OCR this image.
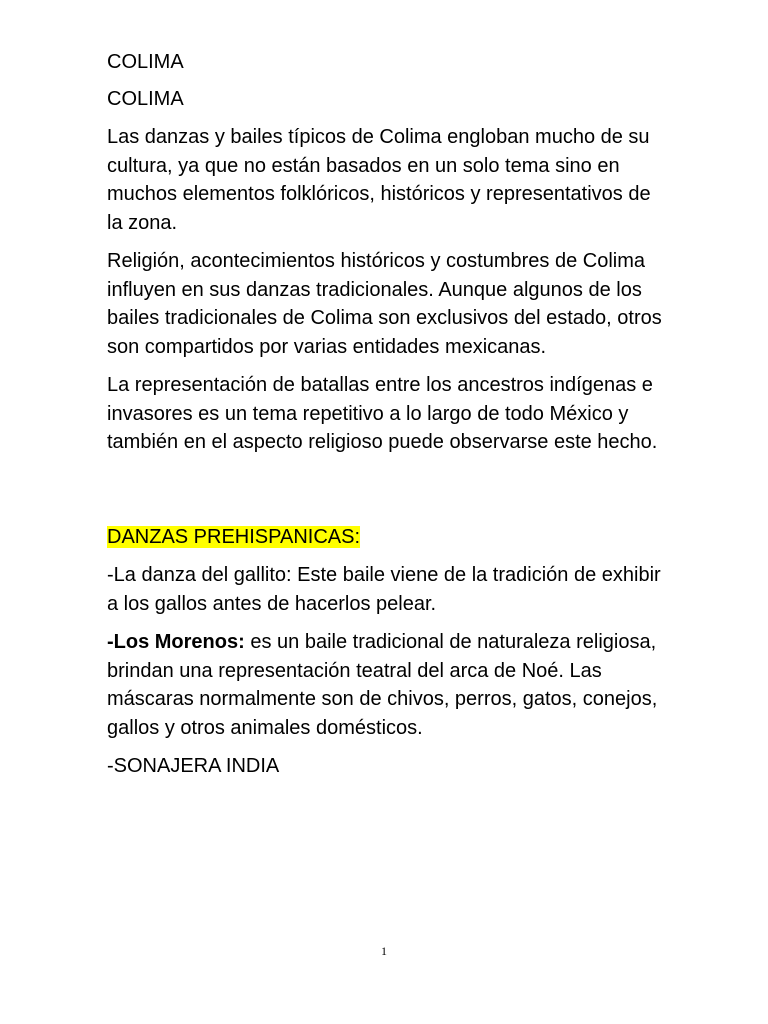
COLIMA

COLIMA

Las danzas y bailes típicos de Colima engloban mucho de su cultura, ya que no están basados en un solo tema sino en muchos elementos folklóricos, históricos y representativos de la zona.

Religión, acontecimientos históricos y costumbres de Colima influyen en sus danzas tradicionales. Aunque algunos de los bailes tradicionales de Colima son exclusivos del estado, otros son compartidos por varias entidades mexicanas.

La representación de batallas entre los ancestros indígenas e invasores es un tema repetitivo a lo largo de todo México y también en el aspecto religioso puede observarse este hecho.

DANZAS PREHISPANICAS:

-La danza del gallito: Este baile viene de la tradición de exhibir a los gallos antes de hacerlos pelear.

-Los Morenos: es un baile tradicional de naturaleza religiosa, brindan una representación teatral del arca de Noé. Las máscaras normalmente son de chivos, perros, gatos, conejos, gallos y otros animales domésticos.

-SONAJERA INDIA

1
